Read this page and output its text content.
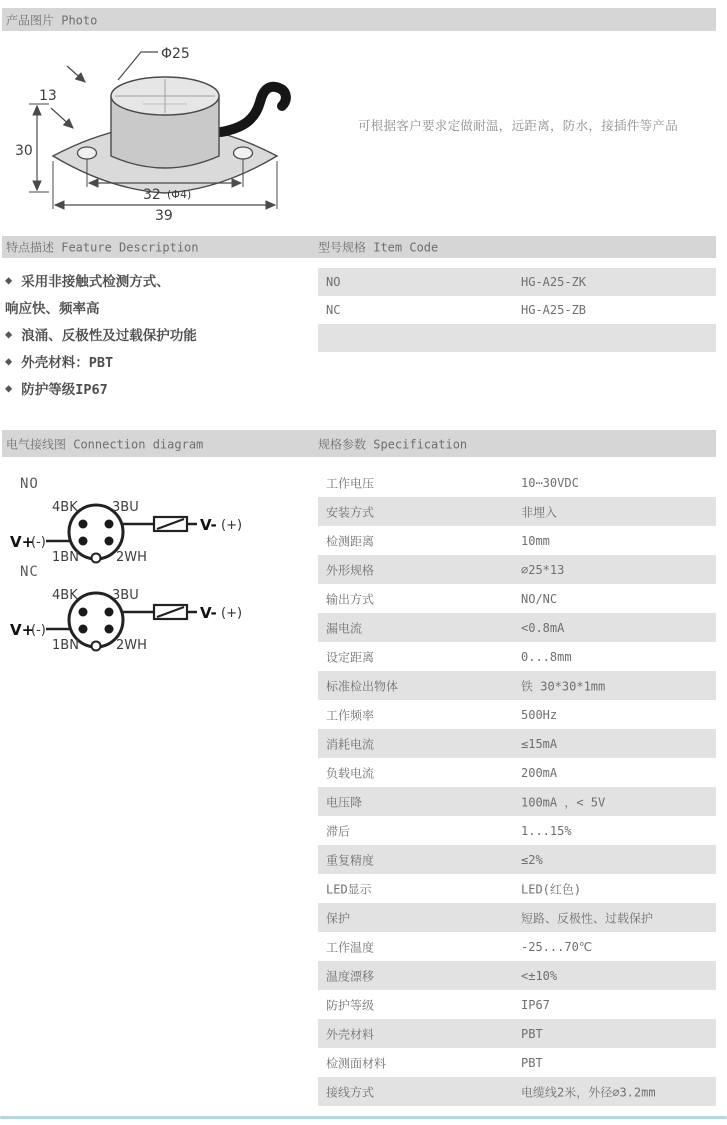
产品图片 Photo
Φ25
13
30
32 (Φ4)
39
可根据客户要求定做耐温，远距离，防水，接插件等产品
特点描述 Feature Description	型号规格 Item Code
◆ 采用非接触式检测方式、
响应快、频率高
◆ 浪涌、反极性及过载保护功能
◆ 外壳材料：PBT
◆ 防护等级IP67
NO	HG-A25-ZK
NC	HG-A25-ZB
电气接线图 Connection diagram	规格参数 Specification
NO
4BK	3BU
1BN	2WH
V+
(-)
V- (+)
NC
4BK	3BU
1BN	2WH
V+
(-)
V- (+)
工作电压	10⋯30VDC
安装方式	非埋入
检测距离	10mm
外形规格	∅25*13
输出方式	NO/NC
漏电流	<0.8mA
设定距离	0...8mm
标准检出物体	铁 30*30*1mm
工作频率	500Hz
消耗电流	≤15mA
负载电流	200mA
电压降	100mA ，< 5V
滞后	1...15%
重复精度	≤2%
LED显示	LED(红色)
保护	短路、反极性、过载保护
工作温度	-25...70℃
温度漂移	<±10%
防护等级	IP67
外壳材料	PBT
检测面材料	PBT
接线方式	电缆线2米，外径∅3.2mm
